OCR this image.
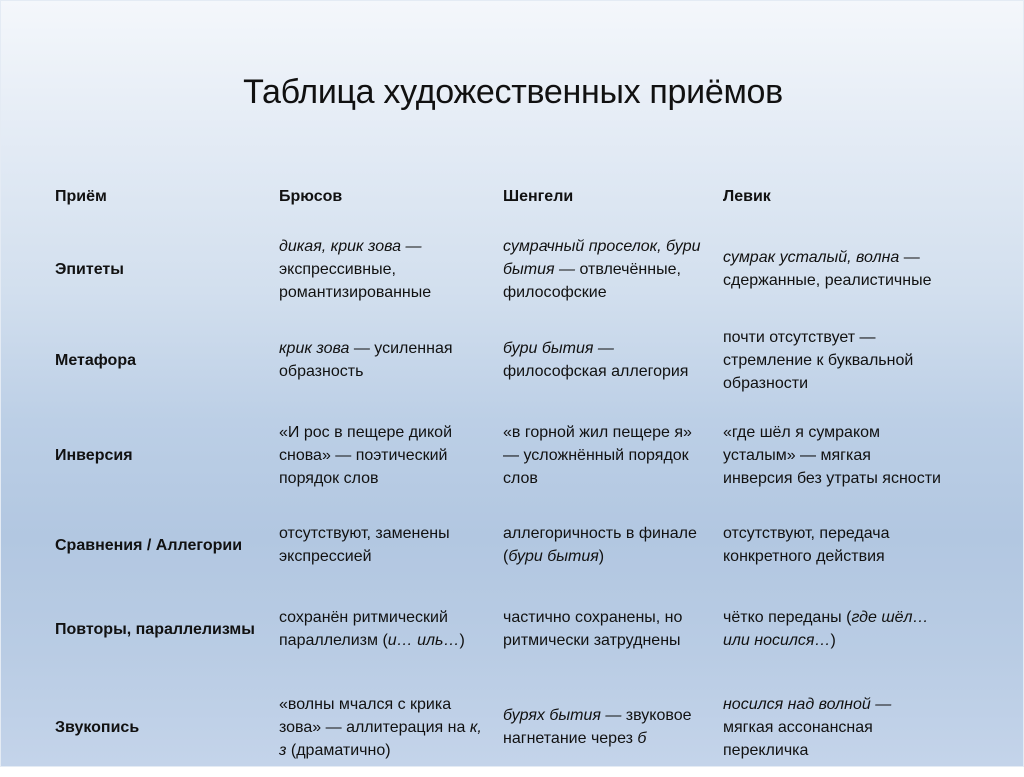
Таблица художественных приёмов
Приём	Брюсов	Шенгели	Левик
Эпитеты	дикая, крик зова — экспрессивные, романтизированные	сумрачный проселок, бури бытия — отвлечённые, философские	сумрак усталый, волна — сдержанные, реалистичные
Метафора	крик зова — усиленная образность	бури бытия — философская аллегория	почти отсутствует — стремление к буквальной образности
Инверсия	«И рос в пещере дикой снова» — поэтический порядок слов	«в горной жил пещере я» — усложнённый порядок слов	«где шёл я сумраком усталым» — мягкая инверсия без утраты ясности
Сравнения / Аллегории	отсутствуют, заменены экспрессией	аллегоричность в финале (бури бытия)	отсутствуют, передача конкретного действия
Повторы, параллелизмы	сохранён ритмический параллелизм (и… иль…)	частично сохранены, но ритмически затруднены	чётко переданы (где шёл… или носился…)
Звукопись	«волны мчался с крика зова» — аллитерация на к, з (драматично)	бурях бытия — звуковое нагнетание через б	носился над волной — мягкая ассонансная перекличка
